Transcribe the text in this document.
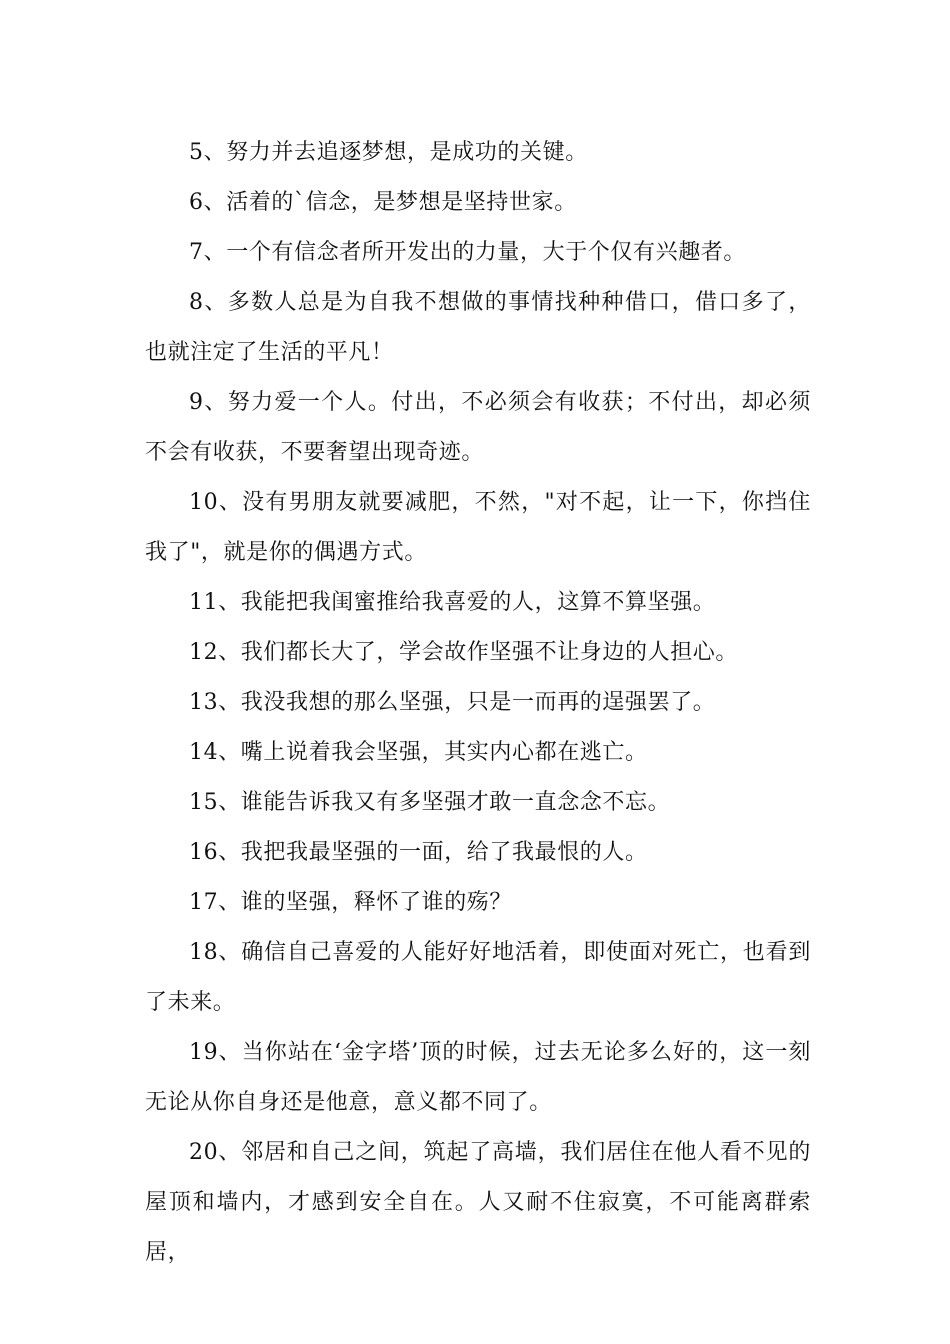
5、努力并去追逐梦想，是成功的关键。

6、活着的`信念，是梦想是坚持世家。

7、一个有信念者所开发出的力量，大于个仅有兴趣者。

8、多数人总是为自我不想做的事情找种种借口，借口多了，也就注定了生活的平凡！

9、努力爱一个人。付出，不必须会有收获；不付出，却必须不会有收获，不要奢望出现奇迹。

10、没有男朋友就要减肥，不然，"对不起，让一下，你挡住我了"，就是你的偶遇方式。

11、我能把我闺蜜推给我喜爱的人，这算不算坚强。

12、我们都长大了，学会故作坚强不让身边的人担心。

13、我没我想的那么坚强，只是一而再的逞强罢了。

14、嘴上说着我会坚强，其实内心都在逃亡。

15、谁能告诉我又有多坚强才敢一直念念不忘。

16、我把我最坚强的一面，给了我最恨的人。

17、谁的坚强，释怀了谁的殇？

18、确信自己喜爱的人能好好地活着，即使面对死亡，也看到了未来。

19、当你站在‘金字塔’顶的时候，过去无论多么好的，这一刻无论从你自身还是他意，意义都不同了。

20、邻居和自己之间，筑起了高墙，我们居住在他人看不见的屋顶和墙内，才感到安全自在。人又耐不住寂寞，不可能离群索居，
